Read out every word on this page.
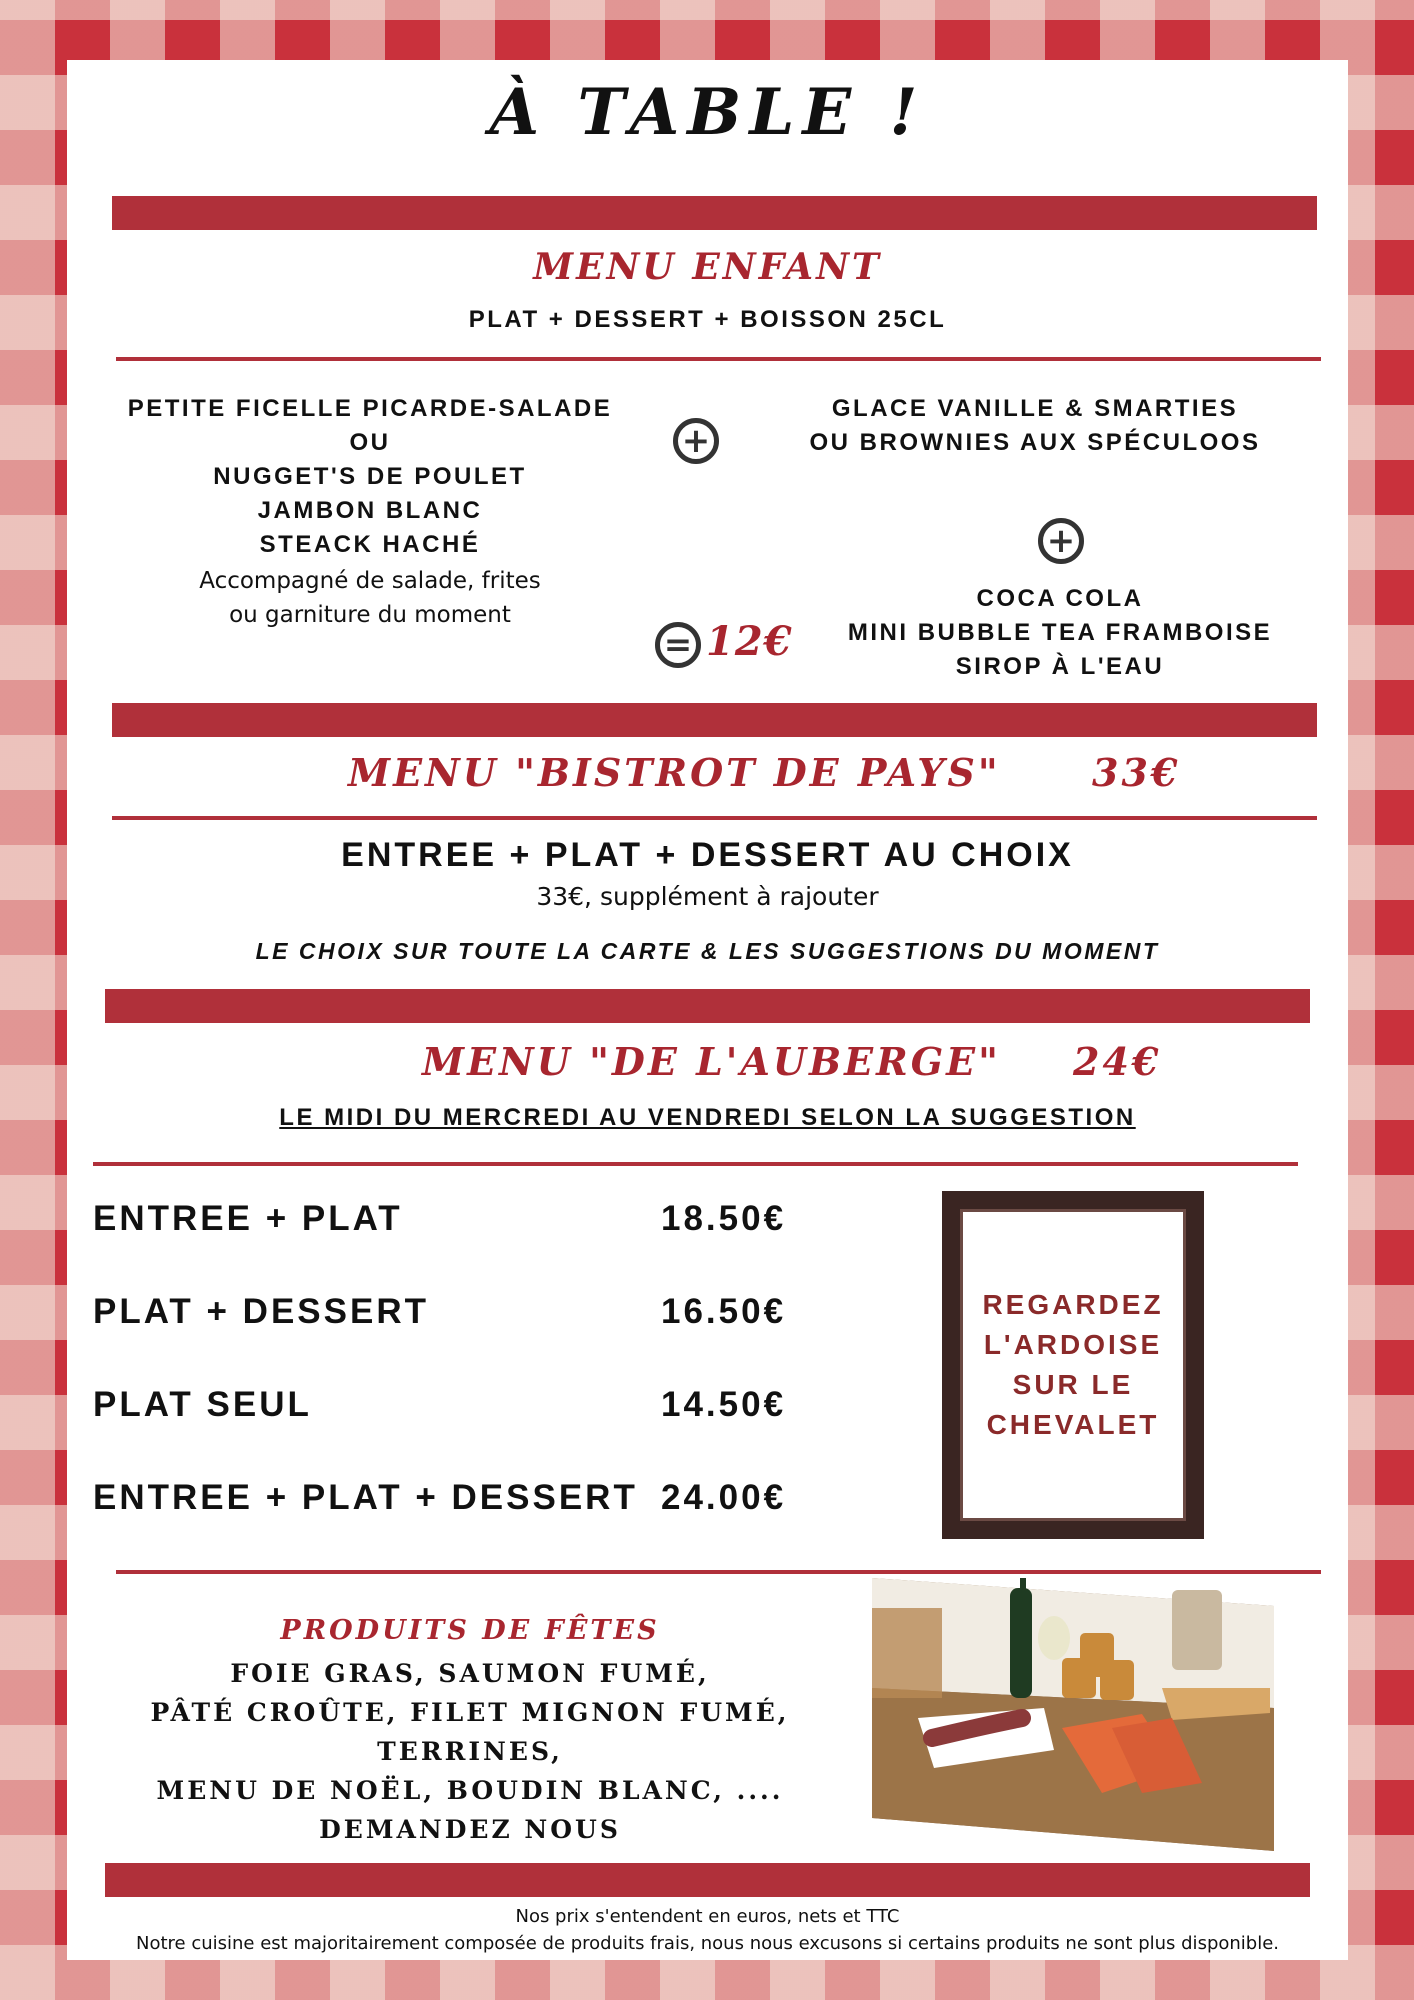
À TABLE !
MENU ENFANT
PLAT + DESSERT + BOISSON 25CL
PETITE FICELLE PICARDE-SALADE
OU
NUGGET'S DE POULET
JAMBON BLANC
STEACK HACHÉ
Accompagné de salade, frites
ou garniture du moment
+
GLACE VANILLE & SMARTIES
OU BROWNIES AUX SPÉCULOOS
+
COCA COLA
MINI BUBBLE TEA FRAMBOISE
SIROP À L'EAU
= 12€
MENU "BISTROT DE PAYS" 33€
ENTREE + PLAT + DESSERT AU CHOIX
33€, supplément à rajouter
LE CHOIX SUR TOUTE LA CARTE & LES SUGGESTIONS DU MOMENT
MENU "DE L'AUBERGE" 24€
LE MIDI DU MERCREDI AU VENDREDI SELON LA SUGGESTION
ENTREE + PLAT	18.50€
PLAT + DESSERT	16.50€
PLAT SEUL	14.50€
ENTREE + PLAT + DESSERT 24.00€
REGARDEZ
L'ARDOISE
SUR LE
CHEVALET
PRODUITS DE FÊTES
FOIE GRAS, SAUMON FUMÉ,
PÂTÉ CROÛTE, FILET MIGNON FUMÉ, TERRINES,
MENU DE NOËL, BOUDIN BLANC, ....
DEMANDEZ NOUS
Nos prix s'entendent en euros, nets et TTC
Notre cuisine est majoritairement composée de produits frais, nous nous excusons si certains produits ne sont plus disponible.
